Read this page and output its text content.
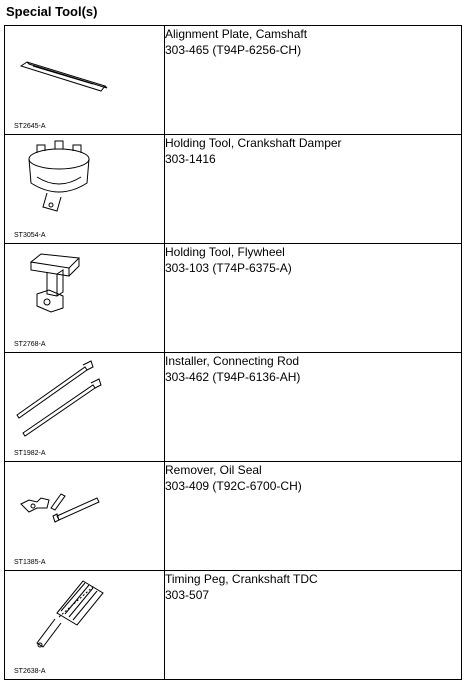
Special Tool(s)
ST2645-A	Alignment Plate, Camshaft
303-465 (T94P-6256-CH)

ST3054-A	Holding Tool, Crankshaft Damper
303-1416

ST2768-A	Holding Tool, Flywheel
303-103 (T74P-6375-A)

ST1982-A	Installer, Connecting Rod
303-462 (T94P-6136-AH)

ST1385-A	Remover, Oil Seal
303-409 (T92C-6700-CH)

ST2638-A	Timing Peg, Crankshaft TDC
303-507
